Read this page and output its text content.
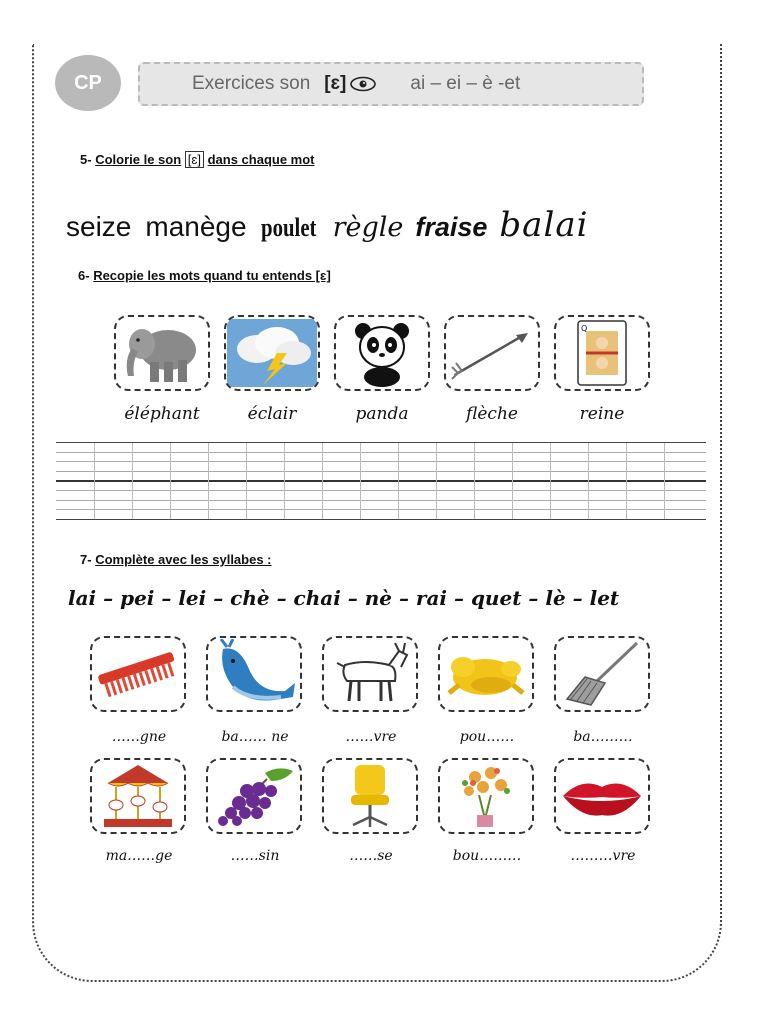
CP	Exercices son [ɛ]	ai – ei – è -et
5- Colorie le son [ɛ] dans chaque mot
seize manège poulet règle fraise balai
6- Recopie les mots quand tu entends [ɛ]
Q
éléphant	éclair	panda	flèche	reine
7- Complète avec les syllabes :
lai – pei – lei – chè – chai – nè – rai – quet – lè – let
……gne	ba…… ne	……vre	pou……	ba………
ma……ge	……sin	……se	bou………	………vre
